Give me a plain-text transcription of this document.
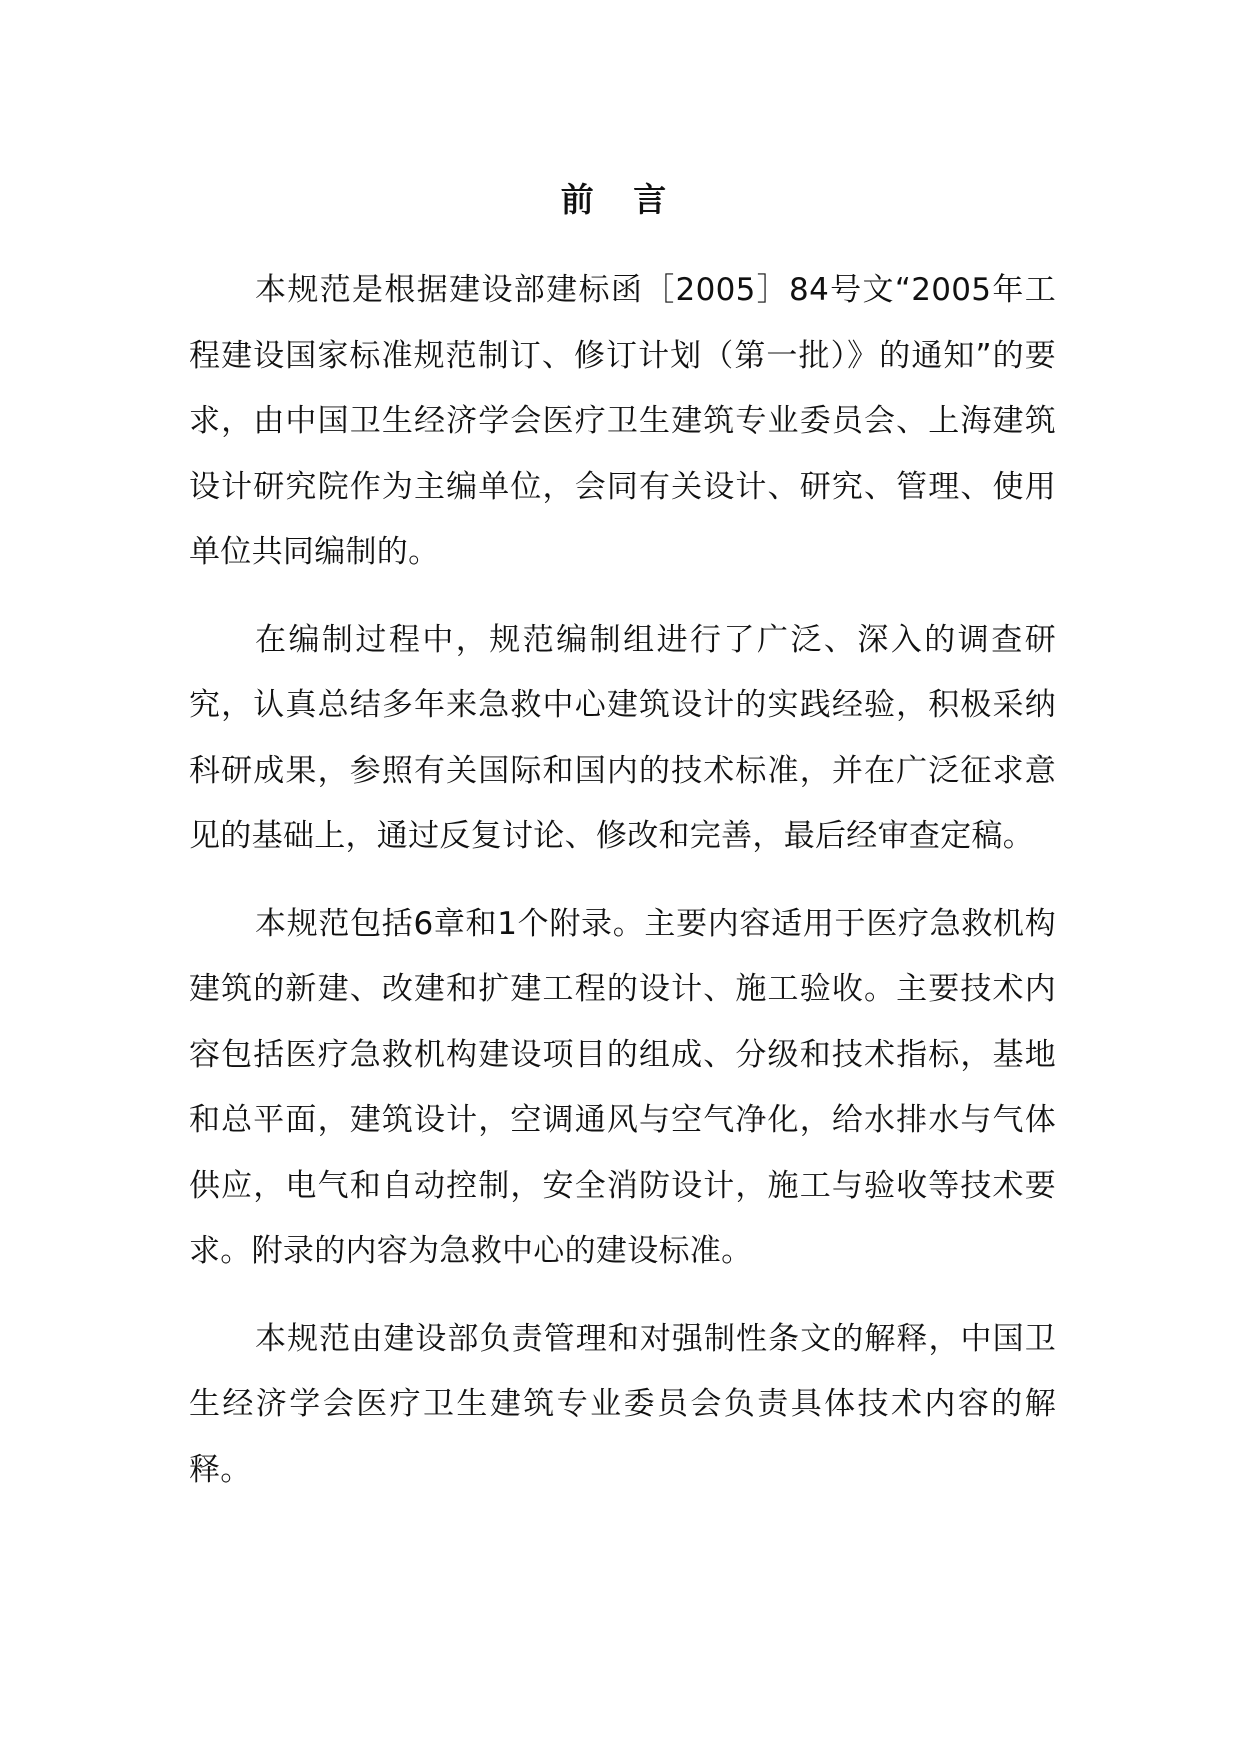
前 言

本规范是根据建设部建标函［2005］84号文“2005年工程建设国家标准规范制订、修订计划（第一批）》的通知”的要求，由中国卫生经济学会医疗卫生建筑专业委员会、上海建筑设计研究院作为主编单位，会同有关设计、研究、管理、使用单位共同编制的。

在编制过程中，规范编制组进行了广泛、深入的调查研究，认真总结多年来急救中心建筑设计的实践经验，积极采纳科研成果，参照有关国际和国内的技术标准，并在广泛征求意见的基础上，通过反复讨论、修改和完善，最后经审查定稿。

本规范包括6章和1个附录。主要内容适用于医疗急救机构建筑的新建、改建和扩建工程的设计、施工验收。主要技术内容包括医疗急救机构建设项目的组成、分级和技术指标，基地和总平面，建筑设计，空调通风与空气净化，给水排水与气体供应，电气和自动控制，安全消防设计，施工与验收等技术要求。附录的内容为急救中心的建设标准。

本规范由建设部负责管理和对强制性条文的解释，中国卫生经济学会医疗卫生建筑专业委员会负责具体技术内容的解释。
